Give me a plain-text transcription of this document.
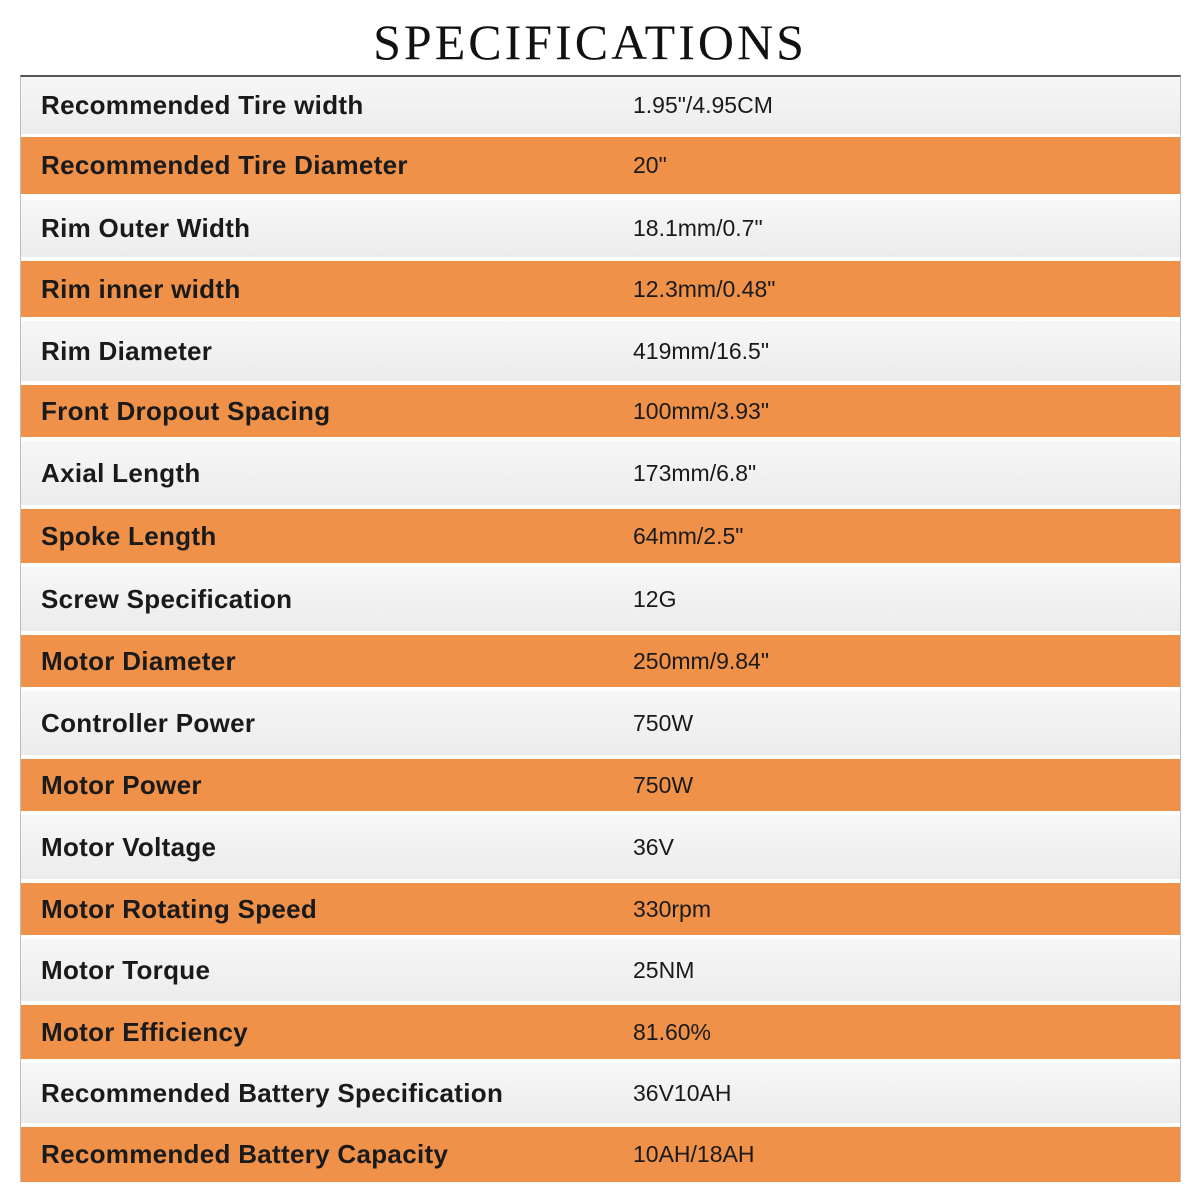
SPECIFICATIONS
Recommended Tire width	1.95"/4.95CM
Recommended Tire Diameter	20"
Rim Outer Width	18.1mm/0.7"
Rim inner width	12.3mm/0.48"
Rim Diameter	419mm/16.5"
Front Dropout Spacing	100mm/3.93"
Axial Length	173mm/6.8"
Spoke Length	64mm/2.5"
Screw Specification	12G
Motor Diameter	250mm/9.84"
Controller Power	750W
Motor Power	750W
Motor Voltage	36V
Motor Rotating Speed	330rpm
Motor Torque	25NM
Motor Efficiency	81.60%
Recommended Battery Specification	36V10AH
Recommended Battery Capacity	10AH/18AH
